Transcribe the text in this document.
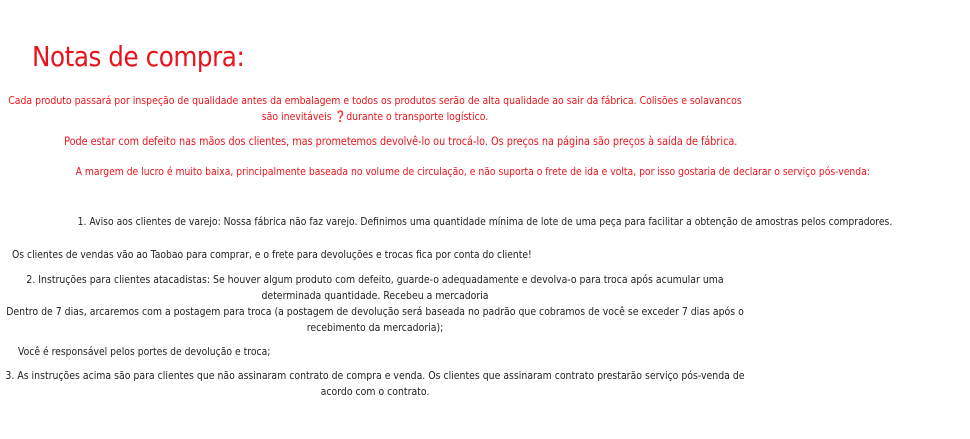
Notas de compra:
Cada produto passará por inspeção de qualidade antes da embalagem e todos os produtos serão de alta qualidade ao sair da fábrica. Colisões e solavancos são inevitáveis ❓durante o transporte logístico.
Pode estar com defeito nas mãos dos clientes, mas prometemos devolvê-lo ou trocá-lo. Os preços na página são preços à saída de fábrica.
A margem de lucro é muito baixa, principalmente baseada no volume de circulação, e não suporta o frete de ida e volta, por isso gostaria de declarar o serviço pós-venda:
1. Aviso aos clientes de varejo: Nossa fábrica não faz varejo. Definimos uma quantidade mínima de lote de uma peça para facilitar a obtenção de amostras pelos compradores.
Os clientes de vendas vão ao Taobao para comprar, e o frete para devoluções e trocas fica por conta do cliente!
2. Instruções para clientes atacadistas: Se houver algum produto com defeito, guarde-o adequadamente e devolva-o para troca após acumular uma determinada quantidade. Recebeu a mercadoria
Dentro de 7 dias, arcaremos com a postagem para troca (a postagem de devolução será baseada no padrão que cobramos de você se exceder 7 dias após o recebimento da mercadoria);
Você é responsável pelos portes de devolução e troca;
3. As instruções acima são para clientes que não assinaram contrato de compra e venda. Os clientes que assinaram contrato prestarão serviço pós-venda de acordo com o contrato.
